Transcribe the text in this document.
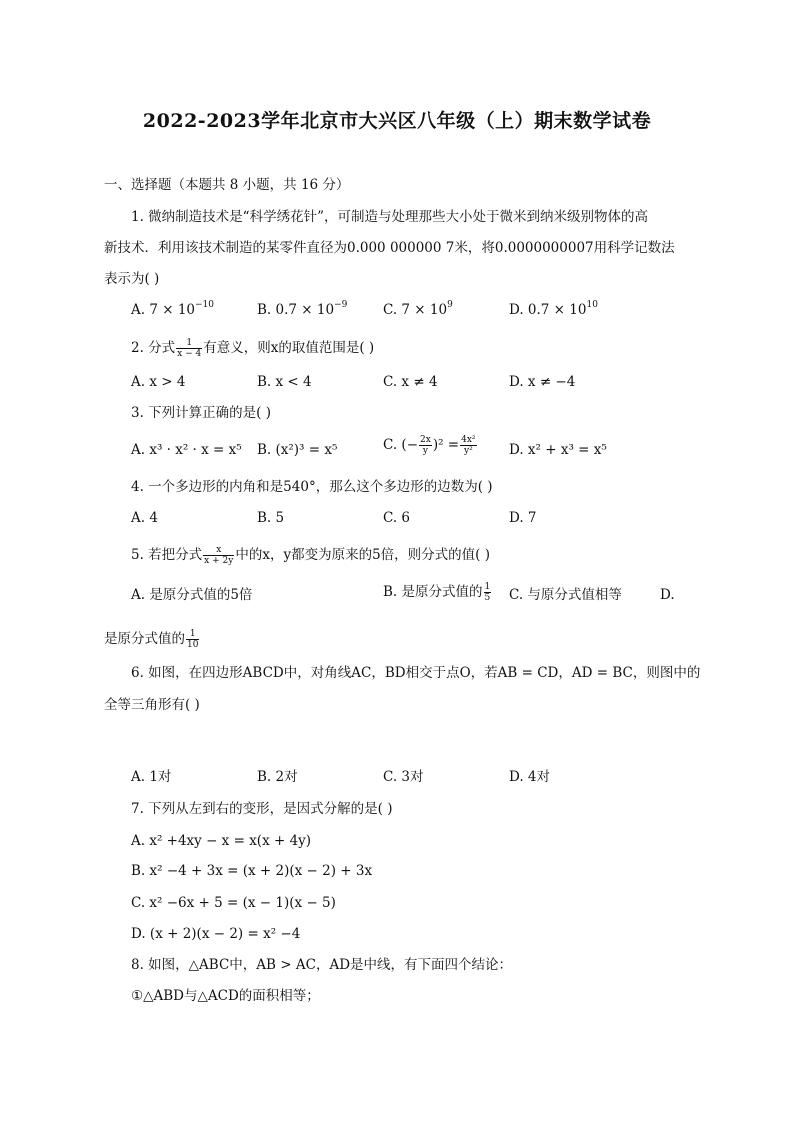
2022-2023学年北京市大兴区八年级（上）期末数学试卷
一、选择题（本题共 8 小题，共 16 分）
1. 微纳制造技术是“科学绣花针”，可制造与处理那些大小处于微米到纳米级别物体的高
新技术．利用该技术制造的某零件直径为0.000 000000 7米，将0.0000000007用科学记数法
表示为( )
A. $7 \times 10^{-10}$	B. $0.7 \times 10^{-9}$	C. $7 \times 10^9$	D. $0.7 \times 10^{10}$
2. 分式 $\frac{1}{x - 4}$ 有意义，则x的取值范围是( )
A. x > 4	B. x < 4	C. x ≠ 4	D. x ≠ −4
3. 下列计算正确的是( )
A. x³ · x² · x = x⁵ B. (x²)³ = x⁵	C. (− $\frac{2x}{y} )^2 = \frac{\text{4x²}}{\text{y²}} D$. x² + x³ = x⁵
4. 一个多边形的内角和是540°，那么这个多边形的边数为( )
A. 4	B. 5	C. 6	D. 7
5. 若把分式 $\frac{x}{x + 2y}$ 中的x，y都变为原来的5倍，则分式的值( )
A. 是原分式值的5倍	B. 是原分式值的 $\frac{1}{5} C$. 与原分式值相等	D.
是原分式值的 $\frac{1}{10}$
6. 如图，在四边形ABCD中，对角线AC，BD相交于点O，若AB = CD，AD = BC，则图中的
全等三角形有( )
A. 1对	B. 2对	C. 3对	D. 4对
7. 下列从左到右的变形，是因式分解的是( )
A. x² +4xy − x = x(x + 4y)
B. x² −4 + 3x = (x + 2)(x − 2) + 3x
C. x² −6x + 5 = (x − 1)(x − 5)
D. (x + 2)(x − 2) = x² −4
8. 如图，△ABC中，AB > AC，AD是中线，有下面四个结论：
①△ABD与△ACD的面积相等；
